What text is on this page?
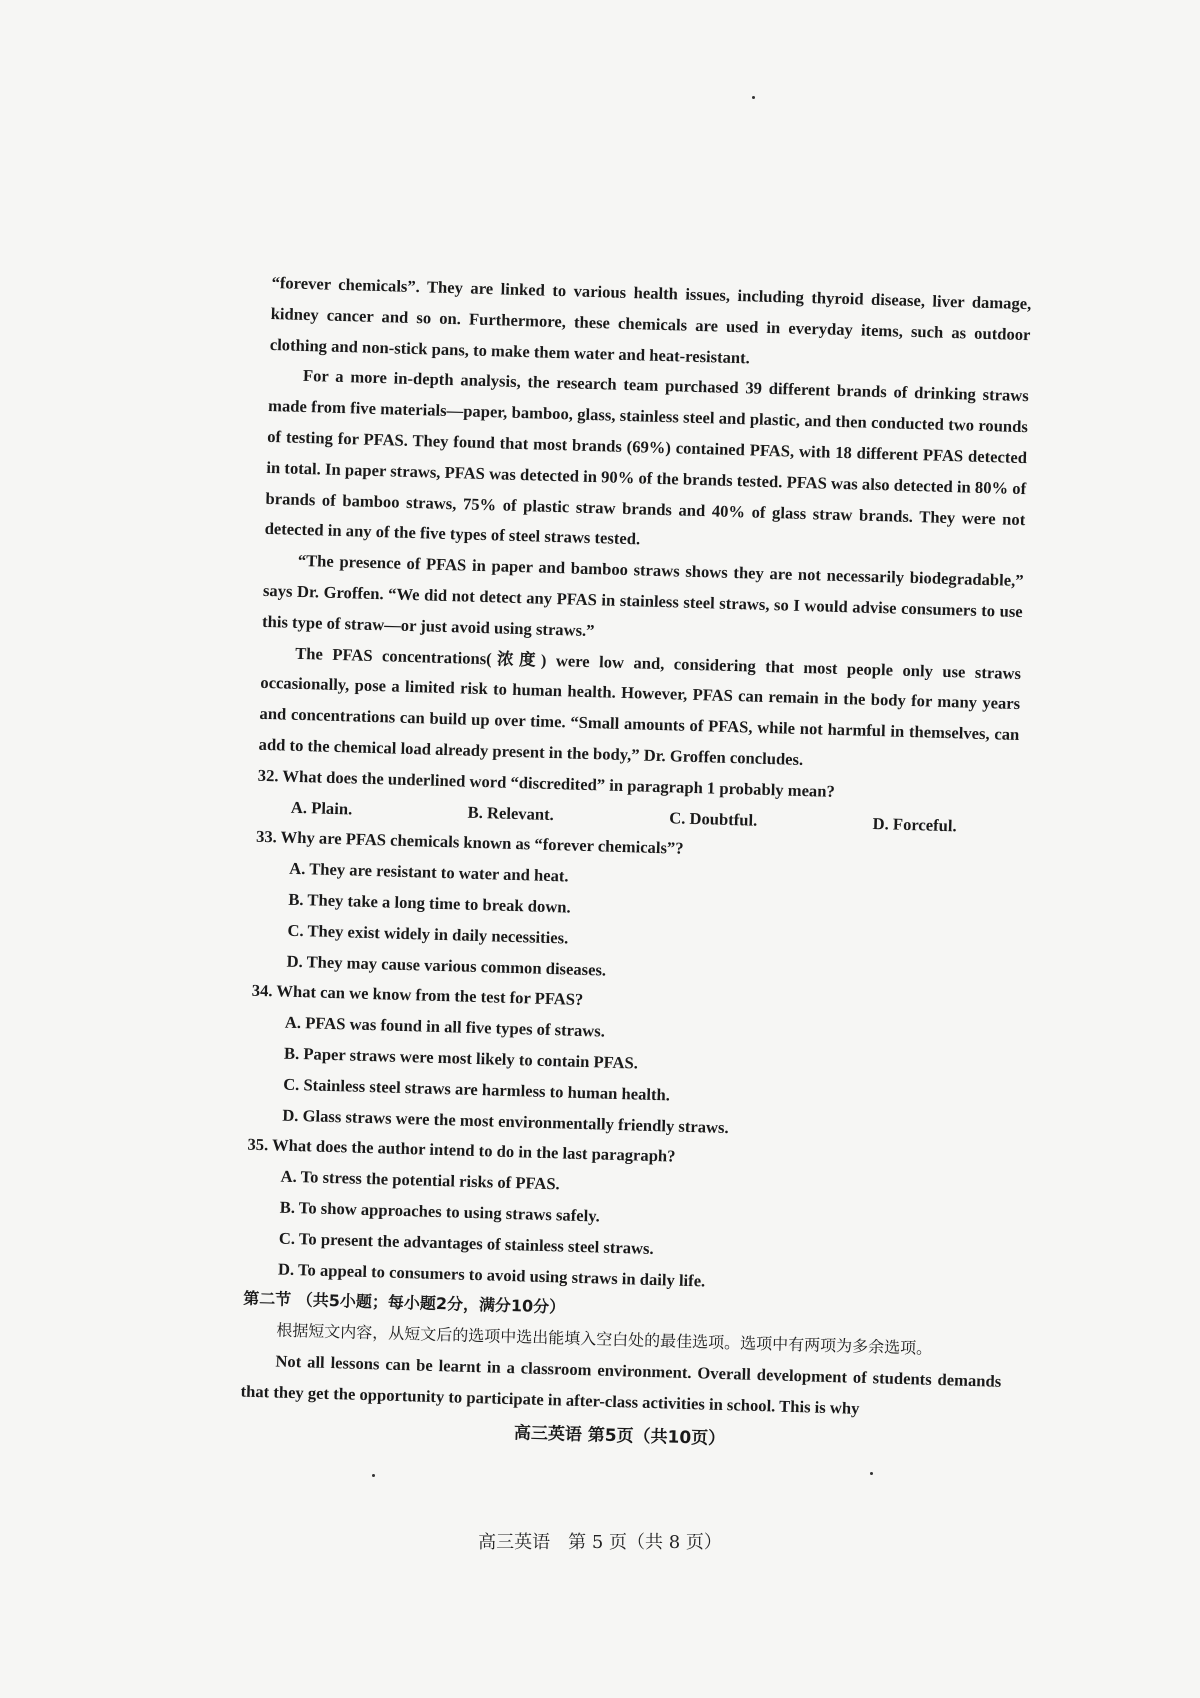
“forever chemicals”. They are linked to various health issues, including thyroid disease, liver damage, kidney cancer and so on. Furthermore, these chemicals are used in everyday items, such as outdoor clothing and non-stick pans, to make them water and heat-resistant.

For a more in-depth analysis, the research team purchased 39 different brands of drinking straws made from five materials—paper, bamboo, glass, stainless steel and plastic, and then conducted two rounds of testing for PFAS. They found that most brands (69%) contained PFAS, with 18 different PFAS detected in total. In paper straws, PFAS was detected in 90% of the brands tested. PFAS was also detected in 80% of brands of bamboo straws, 75% of plastic straw brands and 40% of glass straw brands. They were not detected in any of the five types of steel straws tested.

“The presence of PFAS in paper and bamboo straws shows they are not necessarily biodegradable,” says Dr. Groffen. “We did not detect any PFAS in stainless steel straws, so I would advise consumers to use this type of straw—or just avoid using straws.”

The PFAS concentrations(浓度) were low and, considering that most people only use straws occasionally, pose a limited risk to human health. However, PFAS can remain in the body for many years and concentrations can build up over time. “Small amounts of PFAS, while not harmful in themselves, can add to the chemical load already present in the body,” Dr. Groffen concludes.

32. What does the underlined word “discredited” in paragraph 1 probably mean?

A. Plain.	B. Relevant.	C. Doubtful.	D. Forceful.

33. Why are PFAS chemicals known as “forever chemicals”?

A. They are resistant to water and heat.

B. They take a long time to break down.

C. They exist widely in daily necessities.

D. They may cause various common diseases.

34. What can we know from the test for PFAS?

A. PFAS was found in all five types of straws.

B. Paper straws were most likely to contain PFAS.

C. Stainless steel straws are harmless to human health.

D. Glass straws were the most environmentally friendly straws.

35. What does the author intend to do in the last paragraph?

A. To stress the potential risks of PFAS.

B. To show approaches to using straws safely.

C. To present the advantages of stainless steel straws.

D. To appeal to consumers to avoid using straws in daily life.

第二节 （共5小题；每小题2分，满分10分）

根据短文内容，从短文后的选项中选出能填入空白处的最佳选项。选项中有两项为多余选项。

Not all lessons can be learnt in a classroom environment. Overall development of students demands that they get the opportunity to participate in after-class activities in school. This is why

高三英语 第5页（共10页）
高三英语　第 5 页（共 8 页）
